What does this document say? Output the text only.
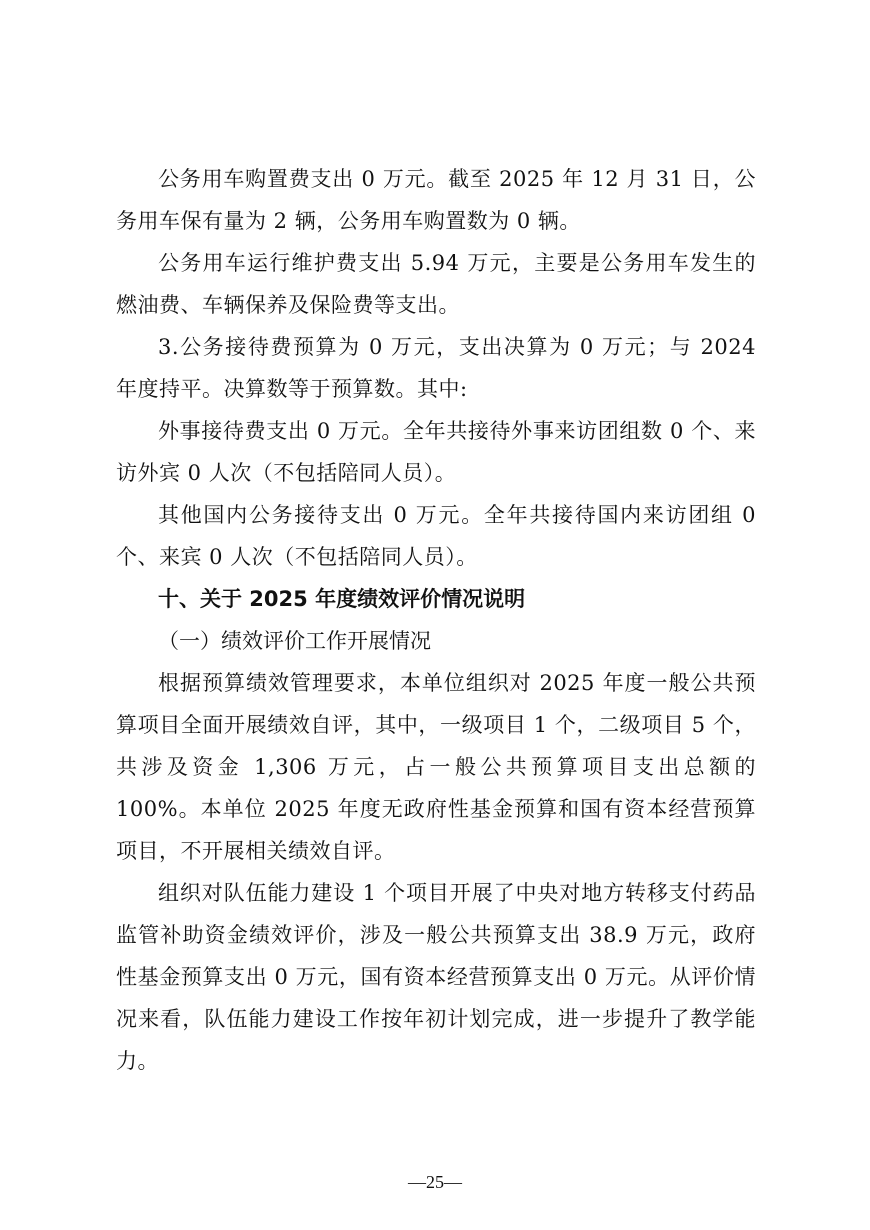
公务用车购置费支出 0 万元。截至 2025 年 12 月 31 日，公务用车保有量为 2 辆，公务用车购置数为 0 辆。

公务用车运行维护费支出 5.94 万元，主要是公务用车发生的燃油费、车辆保养及保险费等支出。

3.公务接待费预算为 0 万元，支出决算为 0 万元；与 2024 年度持平。决算数等于预算数。其中:

外事接待费支出 0 万元。全年共接待外事来访团组数 0 个、来访外宾 0 人次（不包括陪同人员）。

其他国内公务接待支出 0 万元。全年共接待国内来访团组 0 个、来宾 0 人次（不包括陪同人员）。

十、关于 2025 年度绩效评价情况说明

（一）绩效评价工作开展情况

根据预算绩效管理要求，本单位组织对 2025 年度一般公共预算项目全面开展绩效自评，其中，一级项目 1 个，二级项目 5 个，共涉及资金 1,306 万元，占一般公共预算项目支出总额的 100%。本单位 2025 年度无政府性基金预算和国有资本经营预算项目，不开展相关绩效自评。

组织对队伍能力建设 1 个项目开展了中央对地方转移支付药品监管补助资金绩效评价，涉及一般公共预算支出 38.9 万元，政府性基金预算支出 0 万元，国有资本经营预算支出 0 万元。从评价情况来看，队伍能力建设工作按年初计划完成，进一步提升了教学能力。

—25—
